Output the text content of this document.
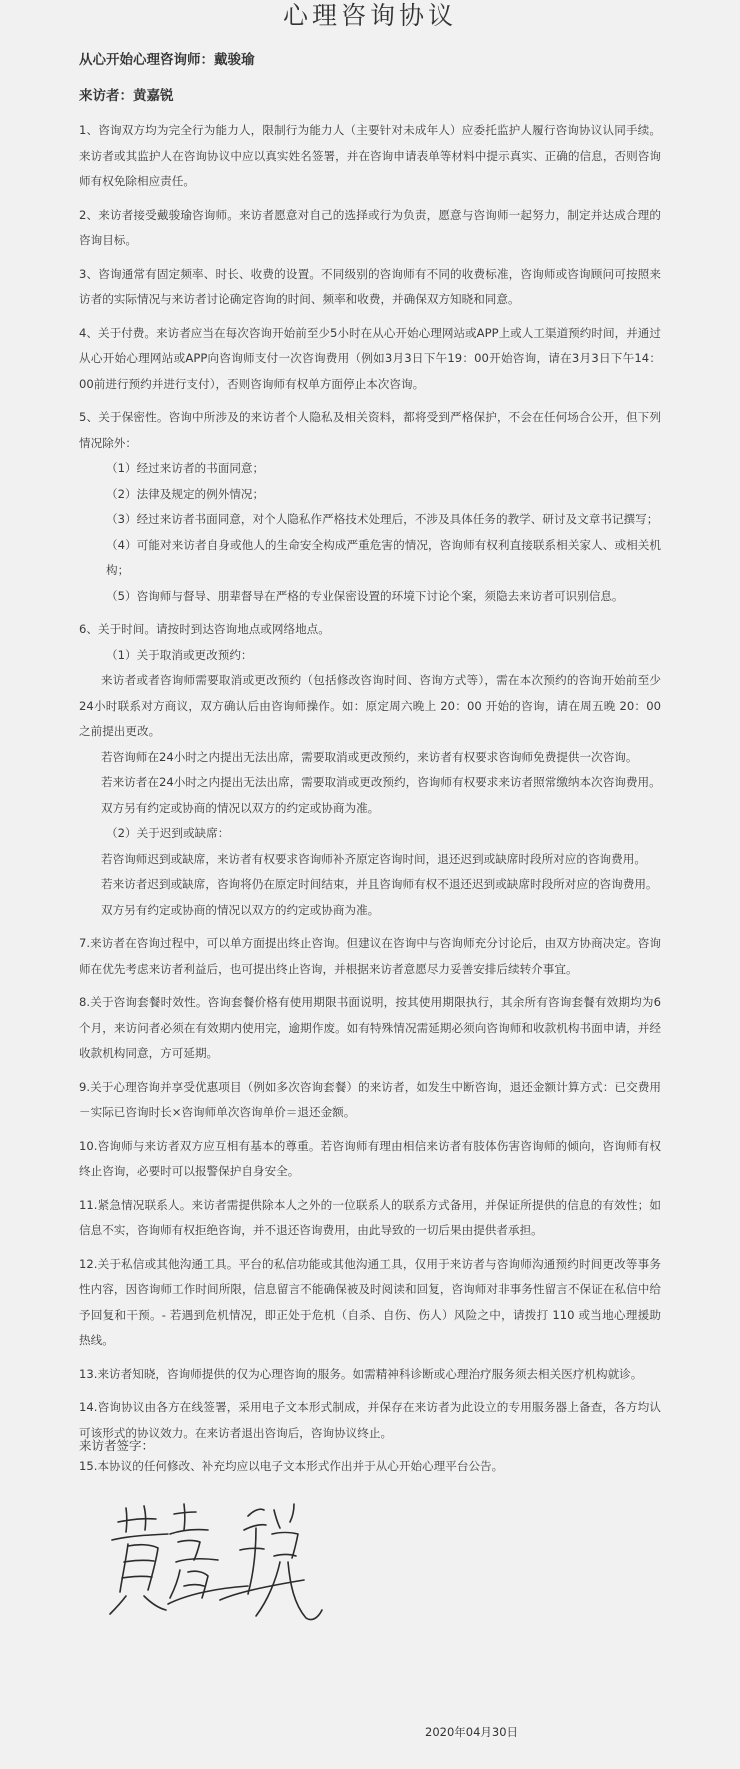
心理咨询协议
从心开始心理咨询师：戴骏瑜
来访者：黄嘉锐

1、咨询双方均为完全行为能力人，限制行为能力人（主要针对未成年人）应委托监护人履行咨询协议认同手续。来访者或其监护人在咨询协议中应以真实姓名签署，并在咨询申请表单等材料中提示真实、正确的信息，否则咨询师有权免除相应责任。

2、来访者接受戴骏瑜咨询师。来访者愿意对自己的选择或行为负责，愿意与咨询师一起努力，制定并达成合理的咨询目标。

3、咨询通常有固定频率、时长、收费的设置。不同级别的咨询师有不同的收费标准，咨询师或咨询顾问可按照来访者的实际情况与来访者讨论确定咨询的时间、频率和收费，并确保双方知晓和同意。

4、关于付费。来访者应当在每次咨询开始前至少5小时在从心开始心理网站或APP上或人工渠道预约时间，并通过从心开始心理网站或APP向咨询师支付一次咨询费用（例如3月3日下午19：00开始咨询，请在3月3日下午14：00前进行预约并进行支付），否则咨询师有权单方面停止本次咨询。

5、关于保密性。咨询中所涉及的来访者个人隐私及相关资料，都将受到严格保护，不会在任何场合公开，但下列情况除外：
（1）经过来访者的书面同意；
（2）法律及规定的例外情况；
（3）经过来访者书面同意，对个人隐私作严格技术处理后，不涉及具体任务的教学、研讨及文章书记撰写；
（4）可能对来访者自身或他人的生命安全构成严重危害的情况，咨询师有权利直接联系相关家人、或相关机构；
（5）咨询师与督导、朋辈督导在严格的专业保密设置的环境下讨论个案，须隐去来访者可识别信息。
6、关于时间。请按时到达咨询地点或网络地点。
（1）关于取消或更改预约：
来访者或者咨询师需要取消或更改预约（包括修改咨询时间、咨询方式等），需在本次预约的咨询开始前至少24小时联系对方商议，双方确认后由咨询师操作。如：原定周六晚上 20：00 开始的咨询，请在周五晚 20：00 之前提出更改。
若咨询师在24小时之内提出无法出席，需要取消或更改预约，来访者有权要求咨询师免费提供一次咨询。
若来访者在24小时之内提出无法出席，需要取消或更改预约，咨询师有权要求来访者照常缴纳本次咨询费用。
双方另有约定或协商的情况以双方的约定或协商为准。
（2）关于迟到或缺席：
若咨询师迟到或缺席，来访者有权要求咨询师补齐原定咨询时间，退还迟到或缺席时段所对应的咨询费用。
若来访者迟到或缺席，咨询将仍在原定时间结束，并且咨询师有权不退还迟到或缺席时段所对应的咨询费用。
双方另有约定或协商的情况以双方的约定或协商为准。

7.来访者在咨询过程中，可以单方面提出终止咨询。但建议在咨询中与咨询师充分讨论后，由双方协商决定。咨询师在优先考虑来访者利益后，也可提出终止咨询，并根据来访者意愿尽力妥善安排后续转介事宜。

8.关于咨询套餐时效性。咨询套餐价格有使用期限书面说明，按其使用期限执行，其余所有咨询套餐有效期均为6个月，来访问者必须在有效期内使用完，逾期作废。如有特殊情况需延期必须向咨询师和收款机构书面申请，并经收款机构同意，方可延期。

9.关于心理咨询并享受优惠项目（例如多次咨询套餐）的来访者，如发生中断咨询，退还金额计算方式：已交费用－实际已咨询时长×咨询师单次咨询单价＝退还金额。

10.咨询师与来访者双方应互相有基本的尊重。若咨询师有理由相信来访者有肢体伤害咨询师的倾向，咨询师有权终止咨询，必要时可以报警保护自身安全。

11.紧急情况联系人。来访者需提供除本人之外的一位联系人的联系方式备用，并保证所提供的信息的有效性；如信息不实，咨询师有权拒绝咨询，并不退还咨询费用，由此导致的一切后果由提供者承担。

12.关于私信或其他沟通工具。平台的私信功能或其他沟通工具，仅用于来访者与咨询师沟通预约时间更改等事务性内容，因咨询师工作时间所限，信息留言不能确保被及时阅读和回复，咨询师对非事务性留言不保证在私信中给予回复和干预。- 若遇到危机情况，即正处于危机（自杀、自伤、伤人）风险之中，请拨打 110 或当地心理援助热线。

13.来访者知晓，咨询师提供的仅为心理咨询的服务。如需精神科诊断或心理治疗服务须去相关医疗机构就诊。

14.咨询协议由各方在线签署，采用电子文本形式制成，并保存在来访者为此设立的专用服务器上备查，各方均认可该形式的协议效力。在来访者退出咨询后，咨询协议终止。

15.本协议的任何修改、补充均应以电子文本形式作出并于从心开始心理平台公告。

来访者签字：
2020年04月30日
